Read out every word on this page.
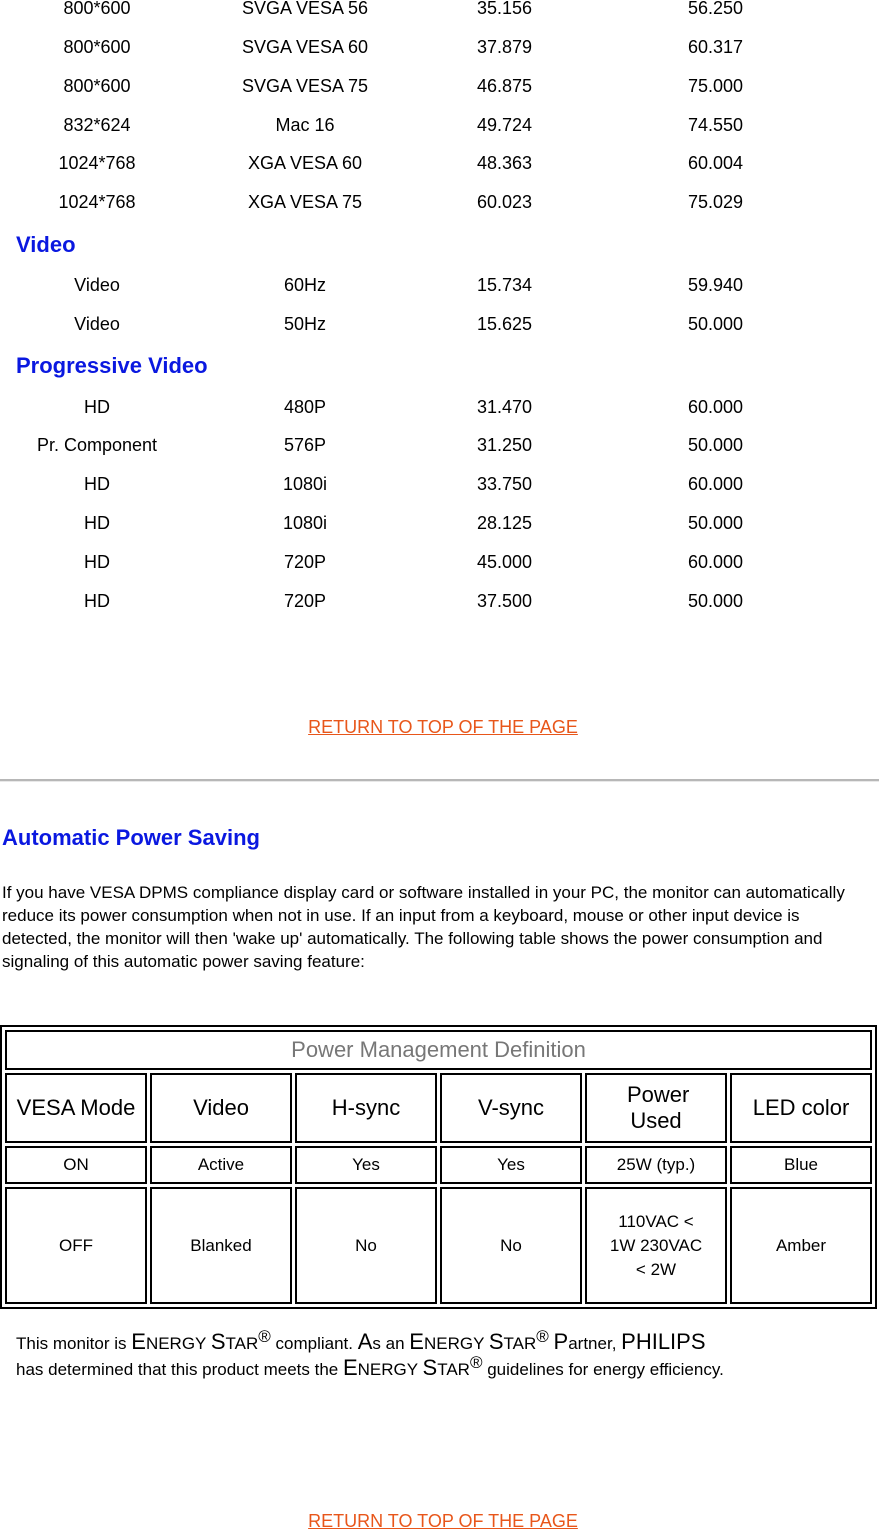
800*600	SVGA VESA 56	35.156	56.250
800*600	SVGA VESA 60	37.879	60.317
800*600	SVGA VESA 75	46.875	75.000
832*624	Mac 16	49.724	74.550
1024*768	XGA VESA 60	48.363	60.004
1024*768	XGA VESA 75	60.023	75.029
Video
Video	60Hz	15.734	59.940
Video	50Hz	15.625	50.000
Progressive Video
HD	480P	31.470	60.000
Pr. Component	576P	31.250	50.000
HD	1080i	33.750	60.000
HD	1080i	28.125	50.000
HD	720P	45.000	60.000
HD	720P	37.500	50.000
RETURN TO TOP OF THE PAGE
Automatic Power Saving
If you have VESA DPMS compliance display card or software installed in your PC, the monitor can automatically reduce its power consumption when not in use. If an input from a keyboard, mouse or other input device is detected, the monitor will then 'wake up' automatically. The following table shows the power consumption and signaling of this automatic power saving feature:
Power Management Definition					
VESA Mode	Video	H-sync	V-sync	Power Used	LED color
ON	Active	Yes	Yes	25W (typ.)	Blue
OFF	Blanked	No	No	110VAC < 1W 230VAC < 2W	Amber
This monitor is ENERGY STAR® compliant. As an ENERGY STAR® Partner, PHILIPS
has determined that this product meets the ENERGY STAR® guidelines for energy efficiency.
RETURN TO TOP OF THE PAGE
